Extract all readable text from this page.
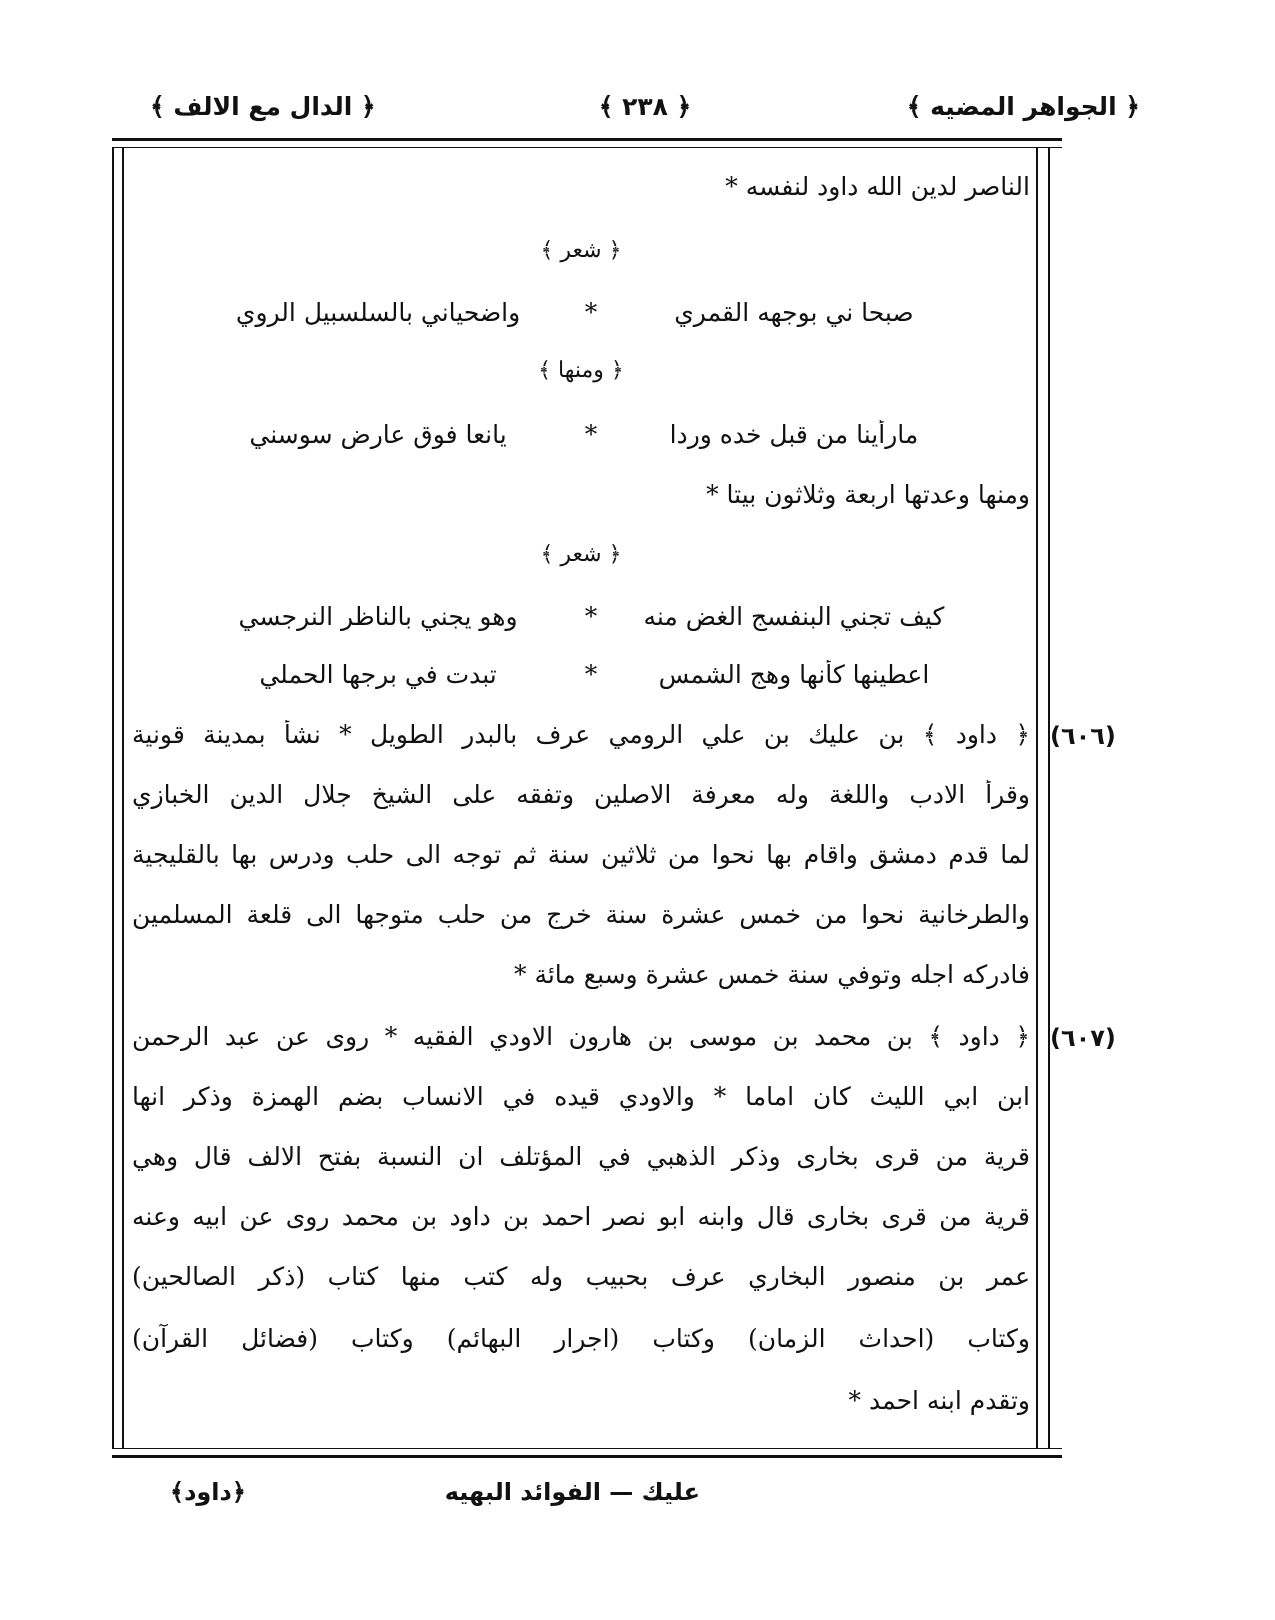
﴿ الجواهر المضيه ﴾
﴿ ٢٣٨ ﴾
﴿ الدال مع الالف ﴾
الناصر لدين الله داود لنفسه *
﴿ شعر ﴾
صبحا ني بوجهه القمري * واضحياني بالسلسبيل الروي
﴿ ومنها ﴾
مارأينا من قبل خده وردا * يانعا فوق عارض سوسني
ومنها وعدتها اربعة وثلاثون بيتا *
﴿ شعر ﴾
كيف تجني البنفسج الغض منه * وهو يجني بالناظر النرجسي
اعطينها كأنها وهج الشمس * تبدت في برجها الحملي
﴿ داود ﴾ بن عليك بن علي الرومي عرف بالبدر الطويل * نشأ بمدينة قونية
وقرأ الادب واللغة وله معرفة الاصلين وتفقه على الشيخ جلال الدين الخبازي
لما قدم دمشق واقام بها نحوا من ثلاثين سنة ثم توجه الى حلب ودرس بها بالقليجية
والطرخانية نحوا من خمس عشرة سنة خرج من حلب متوجها الى قلعة المسلمين
فادركه اجله وتوفي سنة خمس عشرة وسبع مائة *
﴿ داود ﴾ بن محمد بن موسى بن هارون الاودي الفقيه * روى عن عبد الرحمن
ابن ابي الليث كان اماما * والاودي قيده في الانساب بضم الهمزة وذكر انها
قرية من قرى بخارى وذكر الذهبي في المؤتلف ان النسبة بفتح الالف قال وهي
قرية من قرى بخارى قال وابنه ابو نصر احمد بن داود بن محمد روى عن ابيه وعنه
عمر بن منصور البخاري عرف بحبيب وله كتب منها كتاب (ذكر الصالحين)
وكتاب (احداث الزمان) وكتاب (اجرار البهائم) وكتاب (فضائل القرآن)
وتقدم ابنه احمد *
(٦٠٦)
(٦٠٧)
عليك — الفوائد البهيه
﴿داود﴾
